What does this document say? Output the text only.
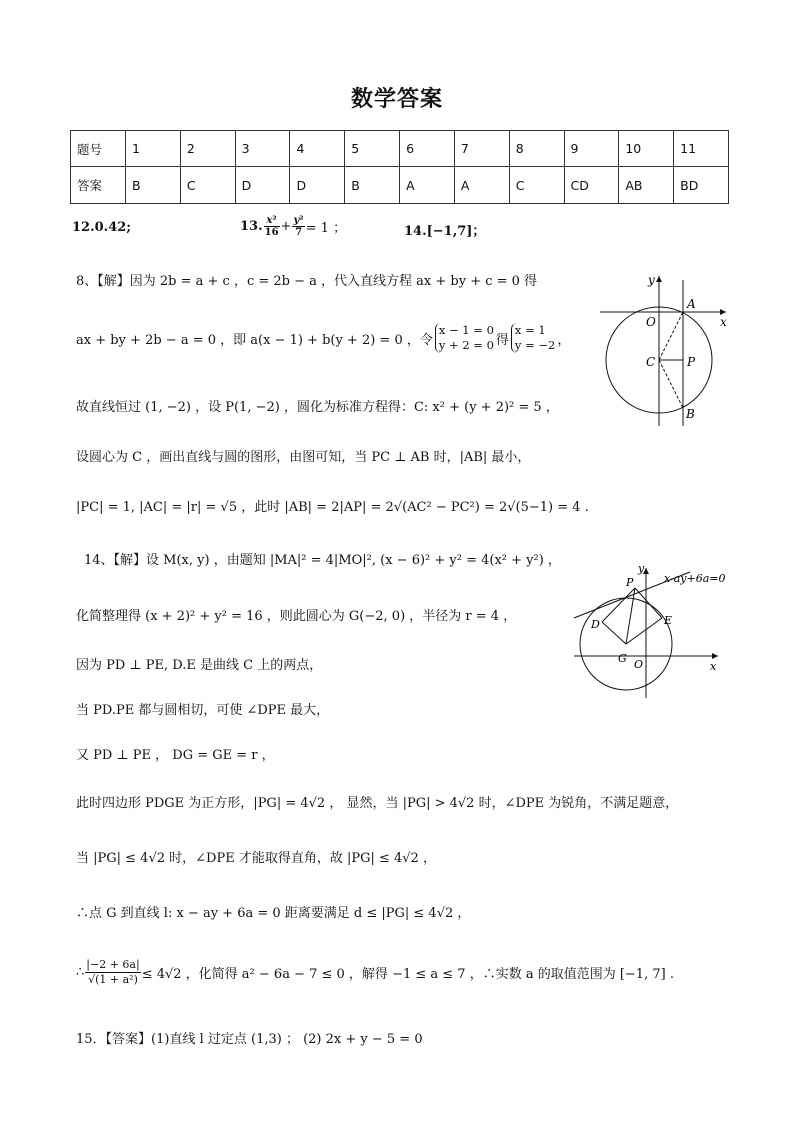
数学答案
题号	1	2	3	4	5	6	7	8	9	10	11
答案	B	C	D	D	B	A	A	C	CD	AB	BD
12.0.42;	13. $\frac{\text{x²}}{16} + \frac{\text{y²}}{7} = 1$ ；	14.[−1,7]；
8、【解】因为 2b = a + c ，c = 2b − a ，代入直线方程 ax + by + c = 0 得
ax + by + 2b − a = 0 ，即 a(x − 1) + b(y + 2) = 0 ，令
x − 1 = 0
y + 2 = 0 得
x = 1
y = −2 ，
故直线恒过 (1, −2) ，设 P(1, −2) ，圆化为标准方程得：C: x² + (y + 2)² = 5 ，
设圆心为 C ，画出直线与圆的图形，由图可知，当 PC ⊥ AB 时，|AB| 最小，
|PC| = 1, |AC| = |r| = √5 ，此时 |AB| = 2|AP| = 2√(AC² − PC²) = 2√(5−1) = 4 .
y
x
O
A
C	P
B
14、【解】设 M(x, y) ，由题知 |MA|² = 4|MO|², (x − 6)² + y² = 4(x² + y²) ，
化简整理得 (x + 2)² + y² = 16 ，则此圆心为 G(−2, 0) ，半径为 r = 4 ，
因为 PD ⊥ PE, D.E 是曲线 C 上的两点，
当 PD.PE 都与圆相切，可使 ∠DPE 最大，
又 PD ⊥ PE ， DG = GE = r ，
此时四边形 PDGE 为正方形，|PG| = 4√2 ， 显然，当 |PG| > 4√2 时，∠DPE 为锐角，不满足题意，
当 |PG| ≤ 4√2 时，∠DPE 才能取得直角，故 |PG| ≤ 4√2 ，
∴点 G 到直线 l: x − ay + 6a = 0 距离要满足 d ≤ |PG| ≤ 4√2 ，
∴ $\frac{|-2 + 6a|}{\text{√(1 + a²)}} \le 4√2$ ，化简得 a² − 6a − 7 ≤ 0 ，解得 −1 ≤ a ≤ 7 ，∴实数 a 的取值范围为 [−1, 7] .
y
x
O
G
P
D	E
x-ay+6a=0
15．【答案】(1)直线 l 过定点 (1,3) ； (2) 2x + y − 5 = 0
